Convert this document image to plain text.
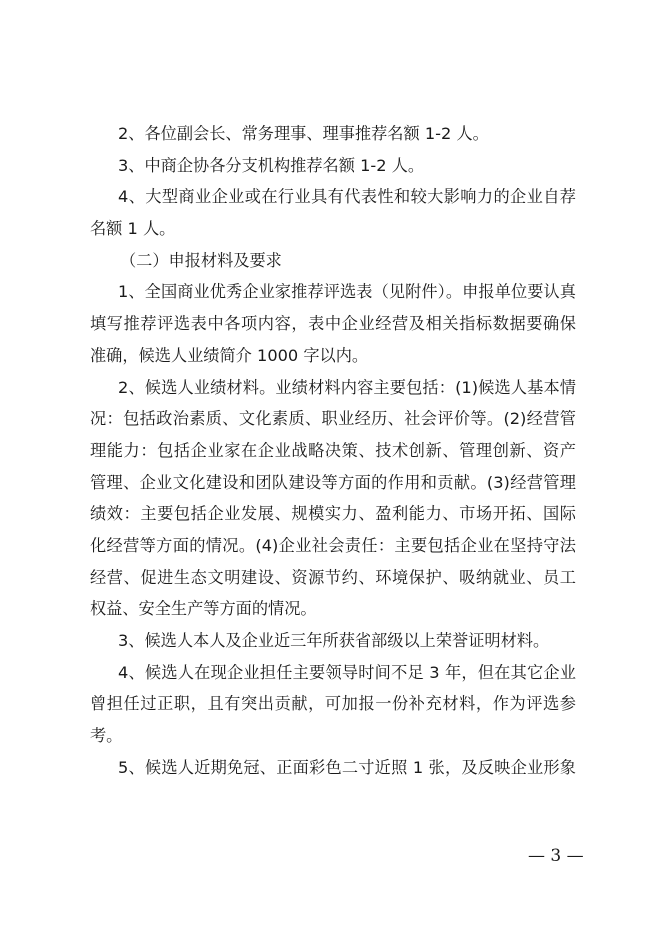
2、各位副会长、常务理事、理事推荐名额 1-2 人。
3、中商企协各分支机构推荐名额 1-2 人。
4、大型商业企业或在行业具有代表性和较大影响力的企业自荐
名额 1 人。
（二）申报材料及要求
1、全国商业优秀企业家推荐评选表（见附件）。申报单位要认真
填写推荐评选表中各项内容，表中企业经营及相关指标数据要确保
准确，候选人业绩简介 1000 字以内。
2、候选人业绩材料。业绩材料内容主要包括：(1)候选人基本情
况：包括政治素质、文化素质、职业经历、社会评价等。(2)经营管
理能力：包括企业家在企业战略决策、技术创新、管理创新、资产
管理、企业文化建设和团队建设等方面的作用和贡献。(3)经营管理
绩效：主要包括企业发展、规模实力、盈利能力、市场开拓、国际
化经营等方面的情况。(4)企业社会责任：主要包括企业在坚持守法
经营、促进生态文明建设、资源节约、环境保护、吸纳就业、员工
权益、安全生产等方面的情况。
3、候选人本人及企业近三年所获省部级以上荣誉证明材料。
4、候选人在现企业担任主要领导时间不足 3 年，但在其它企业
曾担任过正职，且有突出贡献，可加报一份补充材料，作为评选参
考。
5、候选人近期免冠、正面彩色二寸近照 1 张，及反映企业形象
— 3 —
